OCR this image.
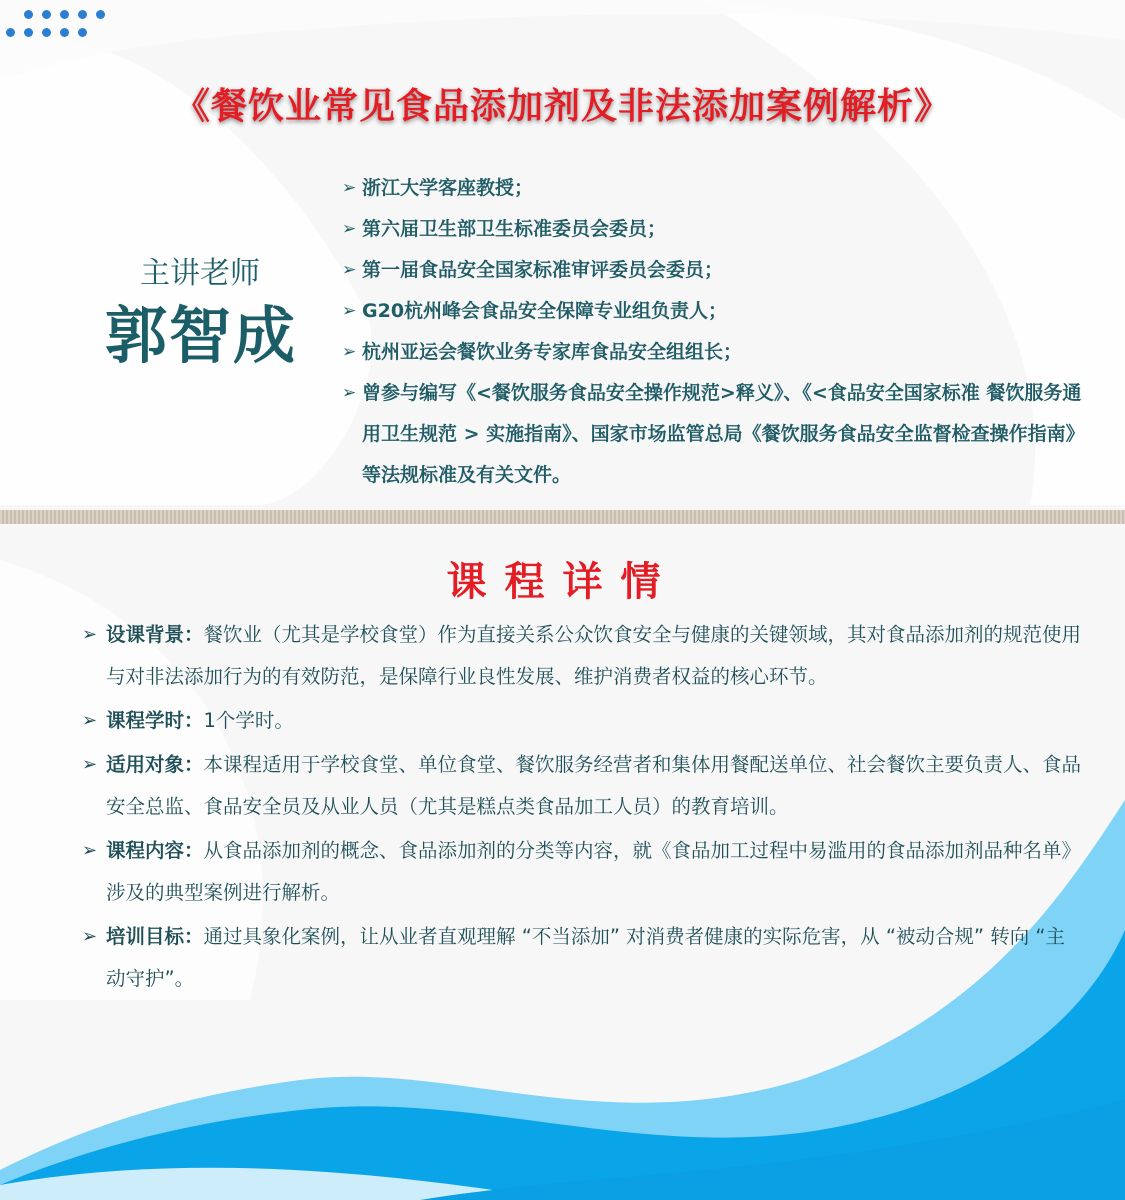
《餐饮业常见食品添加剂及非法添加案例解析》
主讲老师
郭智成
➢ 浙江大学客座教授；
➢ 第六届卫生部卫生标准委员会委员；
➢ 第一届食品安全国家标准审评委员会委员；
➢ G20杭州峰会食品安全保障专业组负责人；
➢ 杭州亚运会餐饮业务专家库食品安全组组长；
➢ 曾参与编写《<餐饮服务食品安全操作规范>释义》、《<食品安全国家标准 餐饮服务通用卫生规范 > 实施指南》、国家市场监管总局《餐饮服务食品安全监督检查操作指南》等法规标准及有关文件。
课程详情
➢ 设课背景：餐饮业（尤其是学校食堂）作为直接关系公众饮食安全与健康的关键领域，其对食品添加剂的规范使用与对非法添加行为的有效防范，是保障行业良性发展、维护消费者权益的核心环节。
➢ 课程学时：1个学时。
➢ 适用对象：本课程适用于学校食堂、单位食堂、餐饮服务经营者和集体用餐配送单位、社会餐饮主要负责人、食品安全总监、食品安全员及从业人员（尤其是糕点类食品加工人员）的教育培训。
➢ 课程内容：从食品添加剂的概念、食品添加剂的分类等内容，就《食品加工过程中易滥用的食品添加剂品种名单》涉及的典型案例进行解析。
➢ 培训目标：通过具象化案例，让从业者直观理解 “不当添加” 对消费者健康的实际危害，从 “被动合规” 转向 “主动守护”。
